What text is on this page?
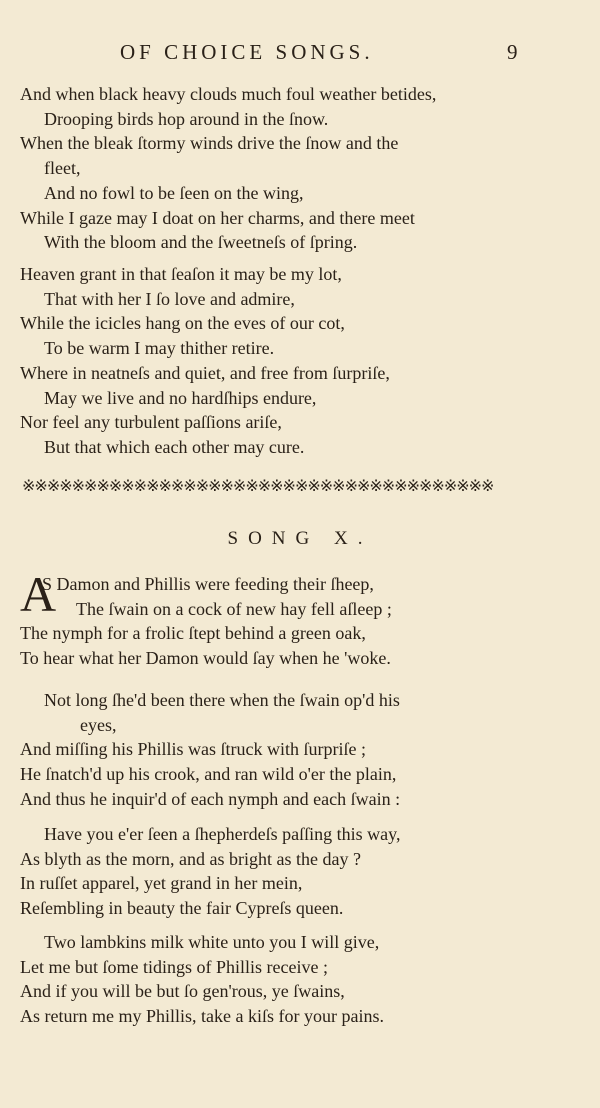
OF CHOICE SONGS.	9
And when black heavy clouds much foul weather betides,
Drooping birds hop around in the ſnow.
When the bleak ſtormy winds drive the ſnow and the
fleet,
And no fowl to be ſeen on the wing,
While I gaze may I doat on her charms, and there meet
With the bloom and the ſweetneſs of ſpring.
Heaven grant in that ſeaſon it may be my lot,
That with her I ſo love and admire,
While the icicles hang on the eves of our cot,
To be warm I may thither retire.
Where in neatneſs and quiet, and free from ſurpriſe,
May we live and no hardſhips endure,
Nor feel any turbulent paſſions ariſe,
But that which each other may cure.
※※※※※※※※※※※※※※※※※※※※※※※※※※※※※※※※※※※※※※
SONG X.
A
S Damon and Phillis were feeding their ſheep,
The ſwain on a cock of new hay fell aſleep ;
The nymph for a frolic ſtept behind a green oak,
To hear what her Damon would ſay when he 'woke.
Not long ſhe'd been there when the ſwain op'd his
eyes,
And miſſing his Phillis was ſtruck with ſurpriſe ;
He ſnatch'd up his crook, and ran wild o'er the plain,
And thus he inquir'd of each nymph and each ſwain :
Have you e'er ſeen a ſhepherdeſs paſſing this way,
As blyth as the morn, and as bright as the day ?
In ruſſet apparel, yet grand in her mein,
Reſembling in beauty the fair Cypreſs queen.
Two lambkins milk white unto you I will give,
Let me but ſome tidings of Phillis receive ;
And if you will be but ſo gen'rous, ye ſwains,
As return me my Phillis, take a kiſs for your pains.
